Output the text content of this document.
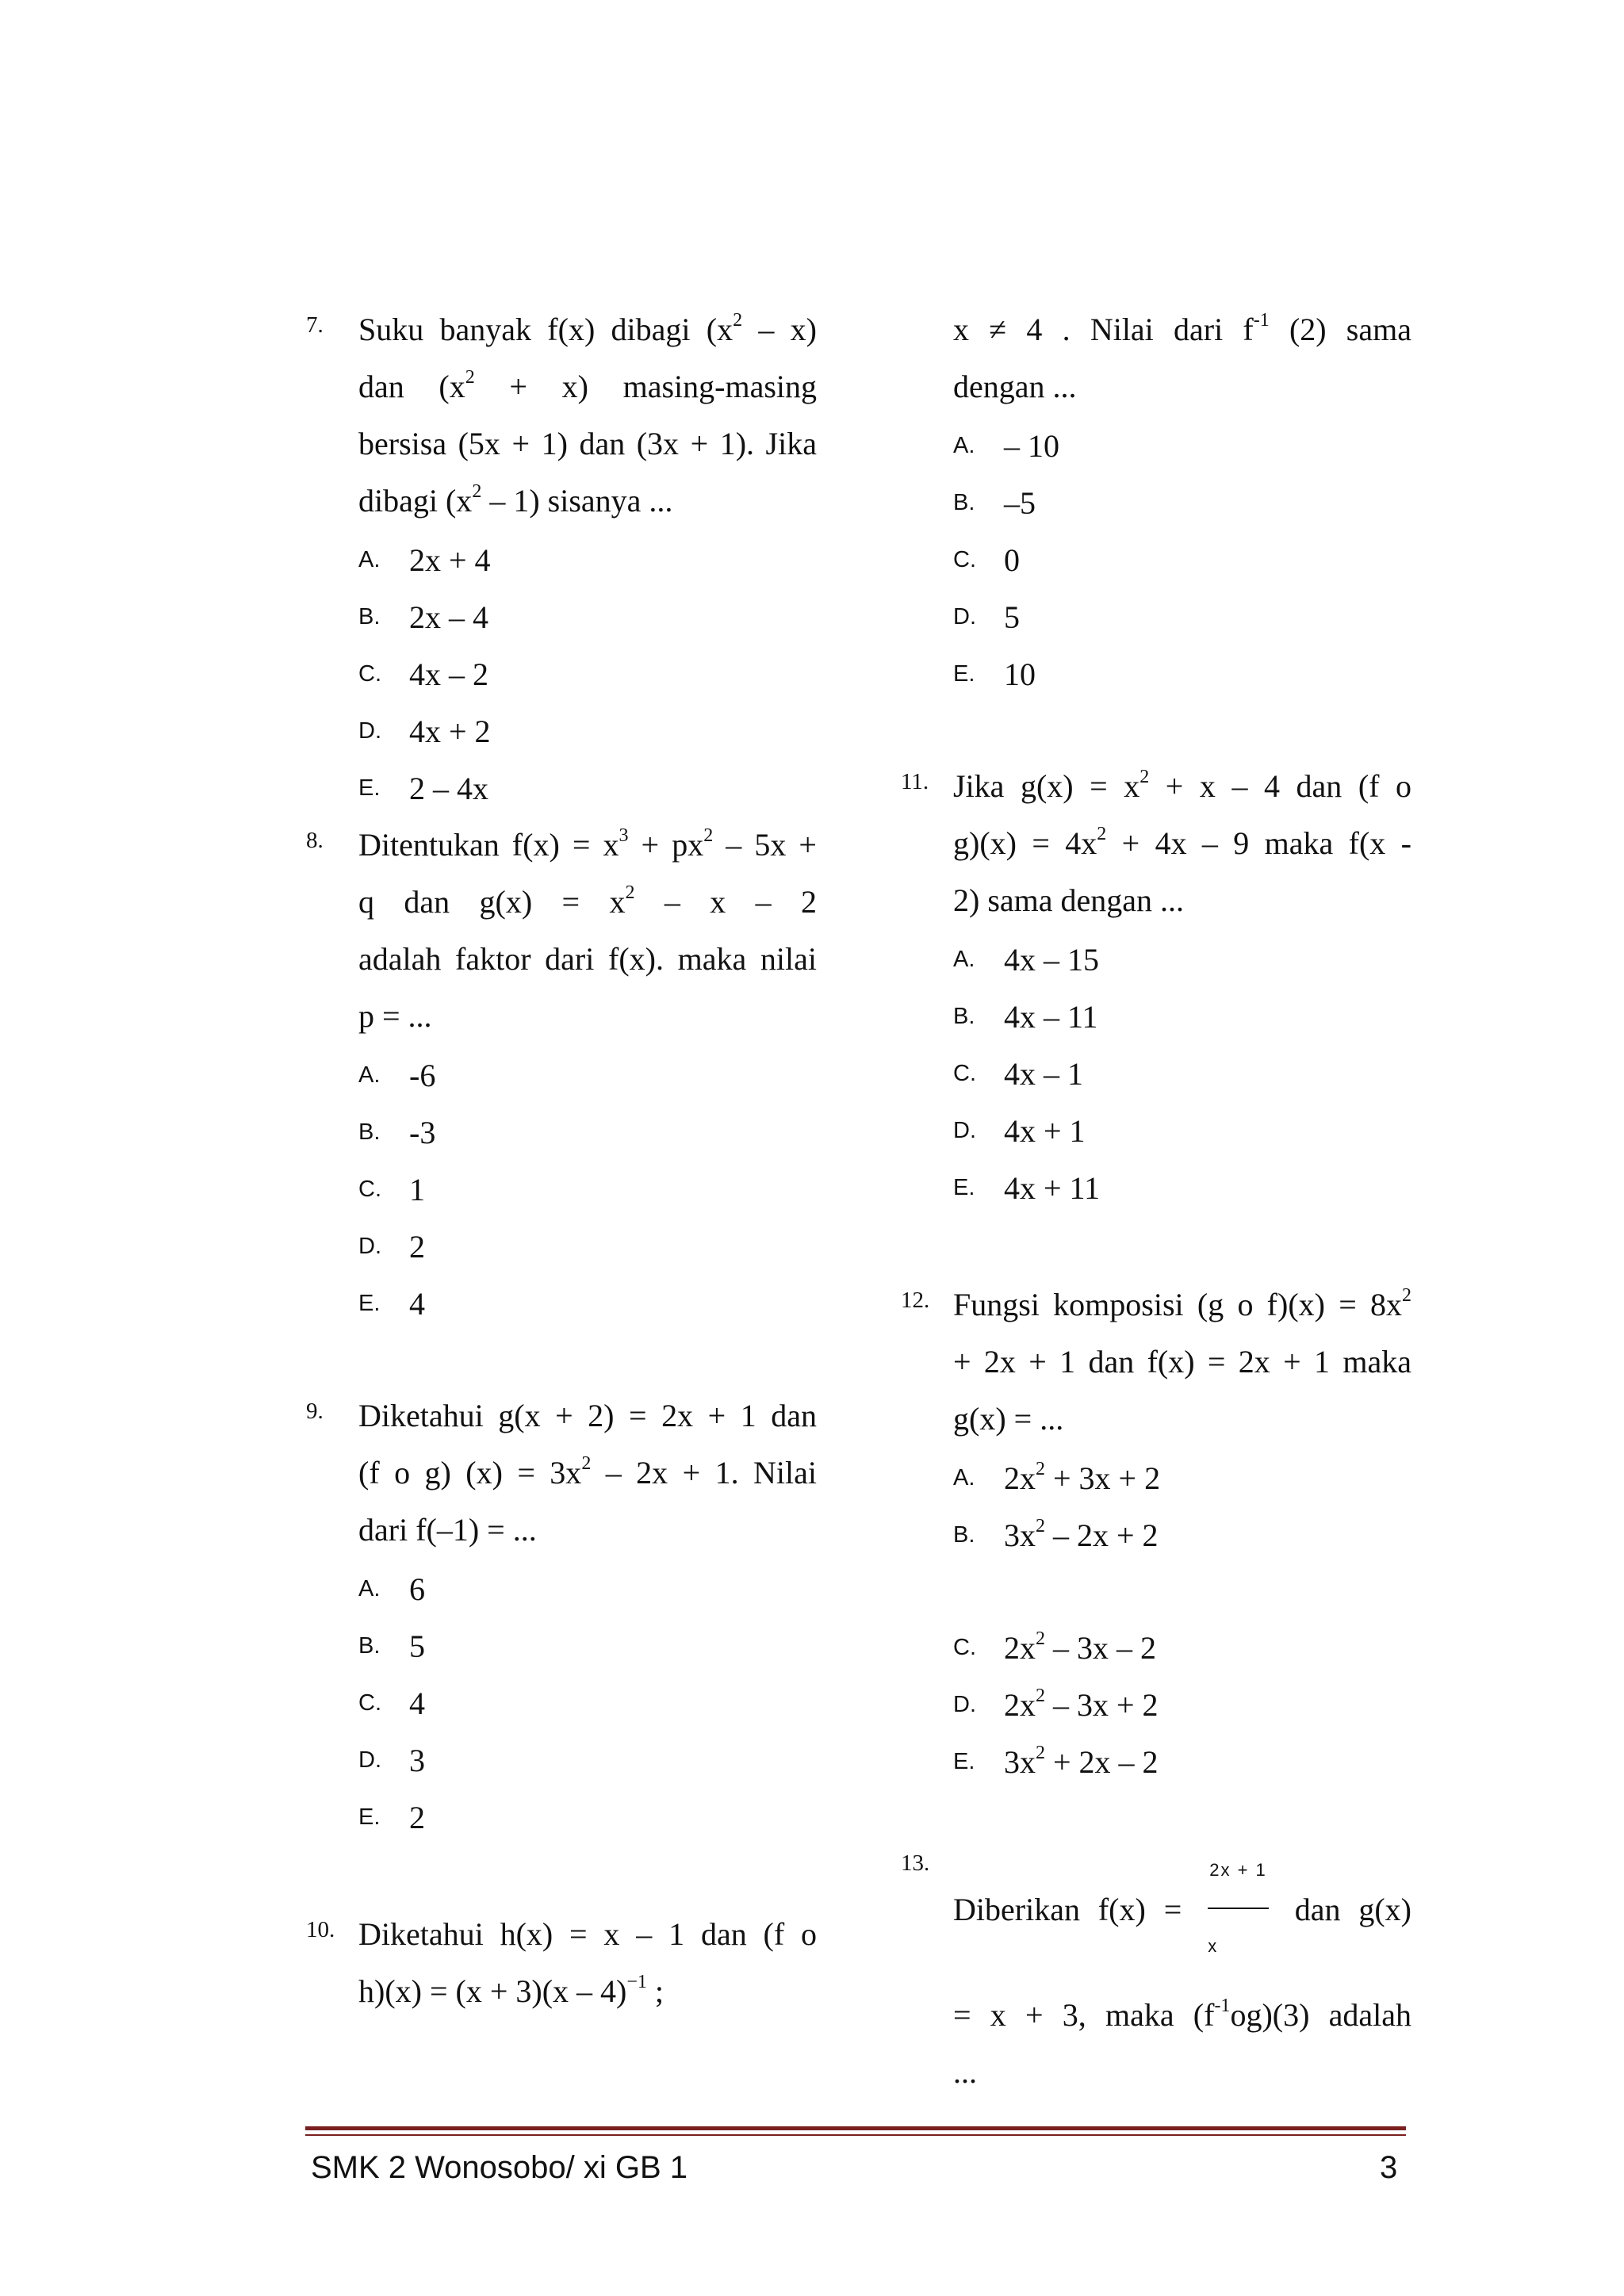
7. Suku banyak f(x) dibagi $(x^2 - x)$

dan $(x^2 + x)$ masing-masing

bersisa (5x + 1) dan (3x + 1). Jika

dibagi $(x^2 - 1)$ sisanya ...

A. 2x + 4
B. 2x – 4
C. 4x – 2
D. 4x + 2
E. 2 – 4x
8. Ditentukan $f(x) = x^3 + px^2 - 5x$ +

q dan $g(x) = x^2 - x - 2$

adalah faktor dari f(x). maka nilai

p = ...

A. -6
B. -3
C. 1
D. 2
E. 4
9. Diketahui g(x + 2) = 2x + 1 dan

(f o g) $(x) = 3x^2 - 2x + 1$. Nilai

dari f(–1) = ...

A. 6
B. 5
C. 4
D. 3
E. 2
10. Diketahui h(x) = x – 1 dan (f o

h)(x) = (x + 3)(x – 4)$^{-1}$ ;

x ≠ 4 . Nilai dari $f^{-1}$ (2) sama

dengan ...

A. – 10
B. –5
C. 0
D. 5
E. 10
11. Jika $g(x) = x^2 + x - 4$ dan (f o

$g)(x) = 4x^2 + 4x - 9$ maka f(x -

2) sama dengan ...

A. 4x – 15
B. 4x – 11
C. 4x – 1
D. 4x + 1
E. 4x + 11
12. Fungsi komposisi (g o $f)(x) = 8x^2$

+ 2x + 1 dan f(x) = 2x + 1 maka

g(x) = ...

A. $2x^2 + 3x + 2$
B. $3x^2 - 2x + 2$
C. $2x^2 - 3x - 2$
D. $2x^2 - 3x + 2$
E. $3x^2 + 2x - 2$
13.

Diberikan $f(x) = \frac{2x + 1}{x}$ dan g(x)

= x + 3, maka $(f^{-1}og)(3)$ adalah

...

SMK 2 Wonosobo/ xi GB 1	3
